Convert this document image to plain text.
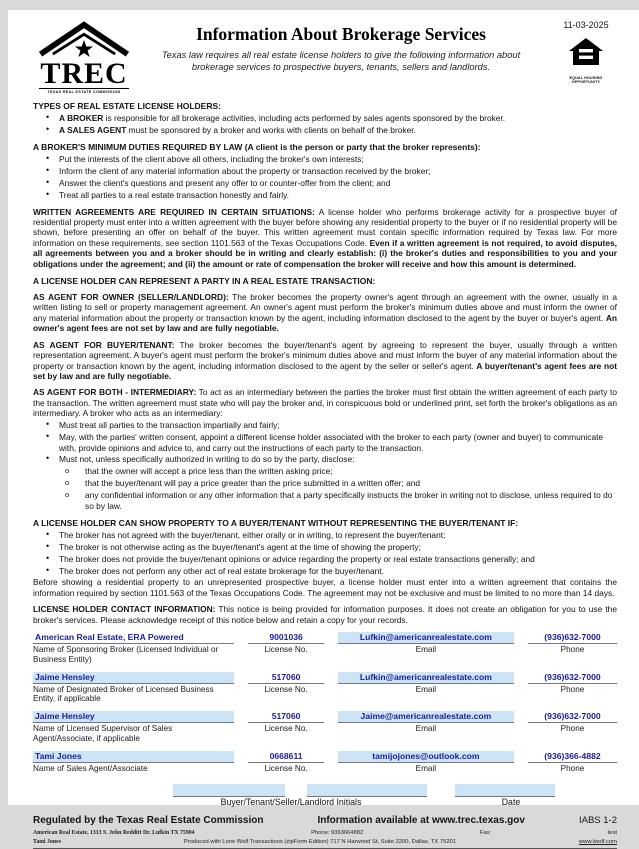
TREC
TEXAS REAL ESTATE COMMISSION
Information About Brokerage Services
Texas law requires all real estate license holders to give the following information about brokerage services to prospective buyers, tenants, sellers and landlords.
11-03-2025
EQUAL HOUSING
OPPORTUNITY
TYPES OF REAL ESTATE LICENSE HOLDERS:
• A BROKER is responsible for all brokerage activities, including acts performed by sales agents sponsored by the broker.
• A SALES AGENT must be sponsored by a broker and works with clients on behalf of the broker.
A BROKER'S MINIMUM DUTIES REQUIRED BY LAW (A client is the person or party that the broker represents):
• Put the interests of the client above all others, including the broker's own interests;
• Inform the client of any material information about the property or transaction received by the broker;
• Answer the client's questions and present any offer to or counter-offer from the client; and
• Treat all parties to a real estate transaction honestly and fairly.
WRITTEN AGREEMENTS ARE REQUIRED IN CERTAIN SITUATIONS: A license holder who performs brokerage activity for a prospective buyer of residential property must enter into a written agreement with the buyer before showing any residential property to the buyer or if no residential property will be shown, before presenting an offer on behalf of the buyer. This written agreement must contain specific information required by Texas law. For more information on these requirements, see section 1101.563 of the Texas Occupations Code. Even if a written agreement is not required, to avoid disputes, all agreements between you and a broker should be in writing and clearly establish: (i) the broker's duties and responsibilities to you and your obligations under the agreement; and (ii) the amount or rate of compensation the broker will receive and how this amount is determined.
A LICENSE HOLDER CAN REPRESENT A PARTY IN A REAL ESTATE TRANSACTION:
AS AGENT FOR OWNER (SELLER/LANDLORD): The broker becomes the property owner's agent through an agreement with the owner, usually in a written listing to sell or property management agreement. An owner's agent must perform the broker's minimum duties above and must inform the owner of any material information about the property or transaction known by the agent, including information disclosed to the agent by the buyer or buyer's agent. An owner's agent fees are not set by law and are fully negotiable.
AS AGENT FOR BUYER/TENANT: The broker becomes the buyer/tenant's agent by agreeing to represent the buyer, usually through a written representation agreement. A buyer's agent must perform the broker's minimum duties above and must inform the buyer of any material information about the property or transaction known by the agent, including information disclosed to the agent by the seller or seller's agent. A buyer/tenant's agent fees are not set by law and are fully negotiable.
AS AGENT FOR BOTH - INTERMEDIARY: To act as an intermediary between the parties the broker must first obtain the written agreement of each party to the transaction. The written agreement must state who will pay the broker and, in conspicuous bold or underlined print, set forth the broker's obligations as an intermediary. A broker who acts as an intermediary:
• Must treat all parties to the transaction impartially and fairly;
• May, with the parties' written consent, appoint a different license holder associated with the broker to each party (owner and buyer) to communicate with, provide opinions and advice to, and carry out the instructions of each party to the transaction.
• Must not, unless specifically authorized in writing to do so by the party, disclose:
o that the owner will accept a price less than the written asking price;
o that the buyer/tenant will pay a price greater than the price submitted in a written offer; and
o any confidential information or any other information that a party specifically instructs the broker in writing not to disclose, unless required to do so by law.
A LICENSE HOLDER CAN SHOW PROPERTY TO A BUYER/TENANT WITHOUT REPRESENTING THE BUYER/TENANT IF:
• The broker has not agreed with the buyer/tenant, either orally or in writing, to represent the buyer/tenant;
• The broker is not otherwise acting as the buyer/tenant's agent at the time of showing the property;
• The broker does not provide the buyer/tenant opinions or advice regarding the property or real estate transactions generally; and
• The broker does not perform any other act of real estate brokerage for the buyer/tenant.
Before showing a residential property to an unrepresented prospective buyer, a license holder must enter into a written agreement that contains the information required by section 1101.563 of the Texas Occupations Code. The agreement may not be exclusive and must be limited to no more than 14 days.
LICENSE HOLDER CONTACT INFORMATION: This notice is being provided for information purposes. It does not create an obligation for you to use the broker's services. Please acknowledge receipt of this notice below and retain a copy for your records.
American Real Estate, ERA Powered
Name of Sponsoring Broker (Licensed Individual or Business Entity)
9001036
License No.
Lufkin@americanrealestate.com
Email
(936)632-7000
Phone
Jaime Hensley
Name of Designated Broker of Licensed Business Entity, if applicable
517060
License No.
Lufkin@americanrealestate.com
Email
(936)632-7000
Phone
Jaime Hensley
Name of Licensed Supervisor of Sales Agent/Associate, if applicable
517060
License No.
Jaime@americanrealestate.com
Email
(936)632-7000
Phone
Tami Jones
Name of Sales Agent/Associate
0668611
License No.
tamijojones@outlook.com
Email
(936)366-4882
Phone
Buyer/Tenant/Seller/Landlord Initials	Date
Regulated by the Texas Real Estate Commission	Information available at www.trec.texas.gov	IABS 1-2
American Real Estate, 1313 S. John Redditt Dr. Lufkin TX 75904	Phone: 9363664882	Fax:	test
Tami Jones	Produced with Lone Wolf Transactions (zipForm Edition) 717 N Harwood St, Suite 2200, Dallas, TX 75201	www.lwolf.com
